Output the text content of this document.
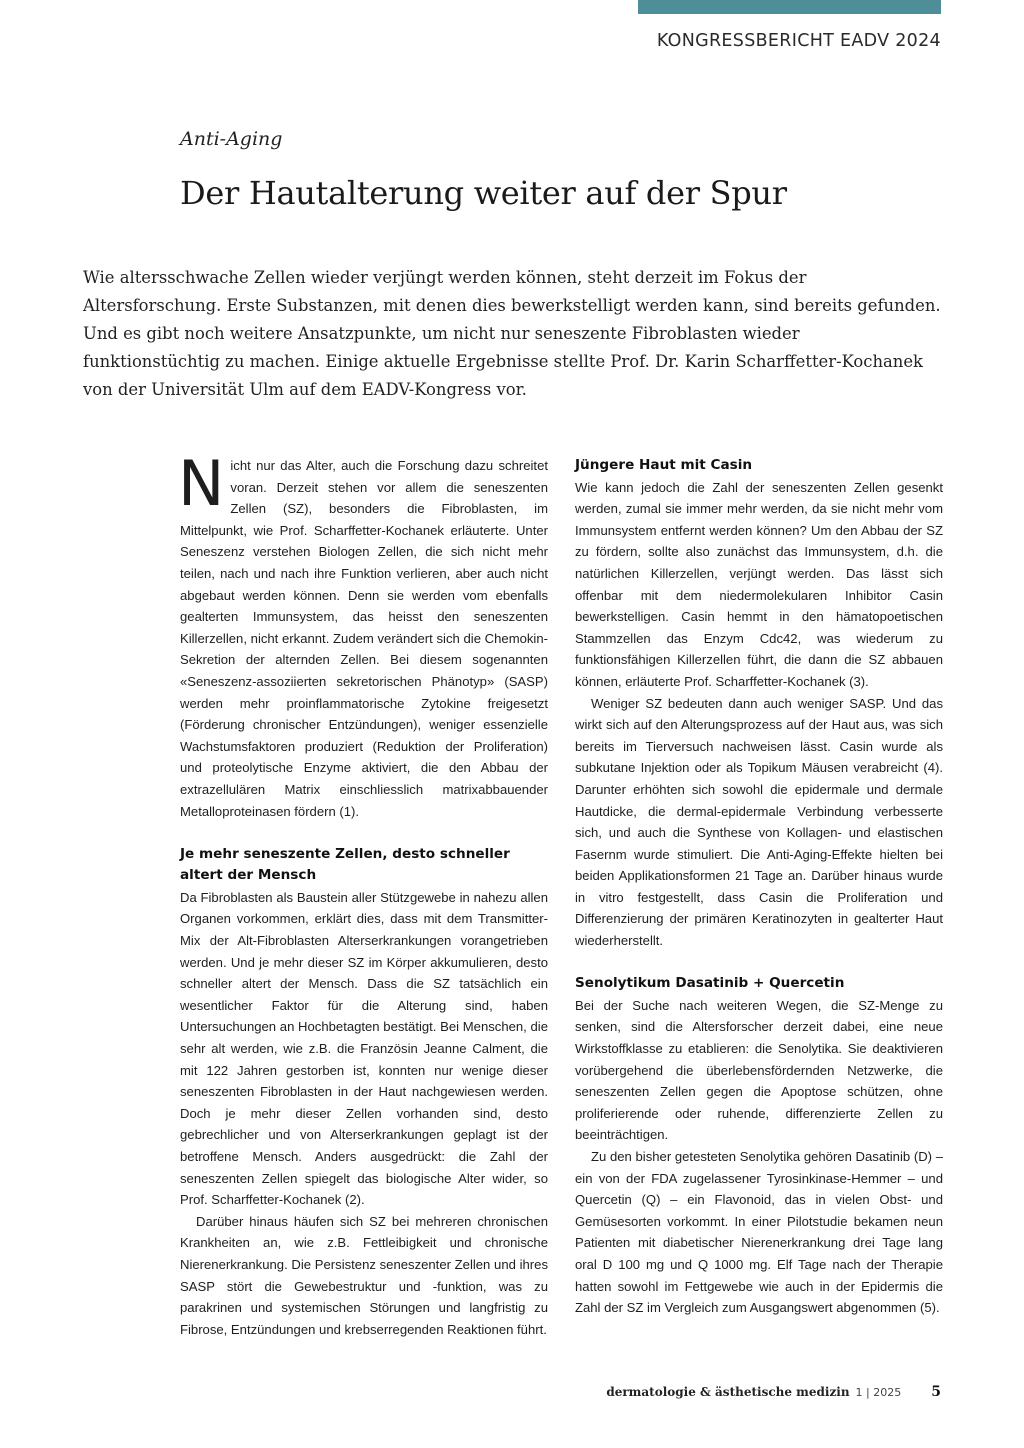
KONGRESSBERICHT EADV 2024
Anti-Aging
Der Hautalterung weiter auf der Spur

Wie altersschwache Zellen wieder verjüngt werden können, steht derzeit im Fokus der Altersforschung. Erste Substanzen, mit denen dies bewerkstelligt werden kann, sind bereits gefunden. Und es gibt noch weitere Ansatzpunkte, um nicht nur seneszente Fibroblasten wieder funktionstüchtig zu machen. Einige aktuelle Ergebnisse stellte Prof. Dr. Karin Scharffetter-Kochanek von der Universität Ulm auf dem EADV-Kongress vor.

Nicht nur das Alter, auch die Forschung dazu schreitet voran. Derzeit stehen vor allem die seneszenten Zellen (SZ), besonders die Fibroblasten, im Mittelpunkt, wie Prof. Scharffetter-Kochanek erläuterte. Unter Seneszenz verstehen Biologen Zellen, die sich nicht mehr teilen, nach und nach ihre Funktion verlieren, aber auch nicht abgebaut werden können. Denn sie werden vom ebenfalls gealterten Immunsystem, das heisst den seneszenten Killerzellen, nicht erkannt. Zudem verändert sich die Chemokin-Sekretion der alternden Zellen. Bei diesem sogenannten «Seneszenz-assoziierten sekretorischen Phänotyp» (SASP) werden mehr proinflammatorische Zytokine freigesetzt (Förderung chronischer Entzündungen), weniger essenzielle Wachstumsfaktoren produziert (Reduktion der Proliferation) und proteolytische Enzyme aktiviert, die den Abbau der extrazellulären Matrix einschliesslich matrixabbauender Metalloproteinasen fördern (1).

Je mehr seneszente Zellen, desto schneller altert der Mensch

Da Fibroblasten als Baustein aller Stützgewebe in nahezu allen Organen vorkommen, erklärt dies, dass mit dem Transmitter-Mix der Alt-Fibroblasten Alterserkrankungen vorangetrieben werden. Und je mehr dieser SZ im Körper akkumulieren, desto schneller altert der Mensch. Dass die SZ tatsächlich ein wesentlicher Faktor für die Alterung sind, haben Untersuchungen an Hochbetagten bestätigt. Bei Menschen, die sehr alt werden, wie z.B. die Französin Jeanne Calment, die mit 122 Jahren gestorben ist, konnten nur wenige dieser seneszenten Fibroblasten in der Haut nachgewiesen werden. Doch je mehr dieser Zellen vorhanden sind, desto gebrechlicher und von Alterserkrankungen geplagt ist der betroffene Mensch. Anders ausgedrückt: die Zahl der seneszenten Zellen spiegelt das biologische Alter wider, so Prof. Scharffetter-Kochanek (2).

Darüber hinaus häufen sich SZ bei mehreren chronischen Krankheiten an, wie z.B. Fettleibigkeit und chronische Nierenerkrankung. Die Persistenz seneszenter Zellen und ihres SASP stört die Gewebestruktur und -funktion, was zu parakrinen und systemischen Störungen und langfristig zu Fibrose, Entzündungen und krebserregenden Reaktionen führt.

Jüngere Haut mit Casin

Wie kann jedoch die Zahl der seneszenten Zellen gesenkt werden, zumal sie immer mehr werden, da sie nicht mehr vom Immunsystem entfernt werden können? Um den Abbau der SZ zu fördern, sollte also zunächst das Immunsystem, d.h. die natürlichen Killerzellen, verjüngt werden. Das lässt sich offenbar mit dem niedermolekularen Inhibitor Casin bewerkstelligen. Casin hemmt in den hämatopoetischen Stammzellen das Enzym Cdc42, was wiederum zu funktionsfähigen Killerzellen führt, die dann die SZ abbauen können, erläuterte Prof. Scharffetter-Kochanek (3).

Weniger SZ bedeuten dann auch weniger SASP. Und das wirkt sich auf den Alterungsprozess auf der Haut aus, was sich bereits im Tierversuch nachweisen lässt. Casin wurde als subkutane Injektion oder als Topikum Mäusen verabreicht (4). Darunter erhöhten sich sowohl die epidermale und dermale Hautdicke, die dermal-epidermale Verbindung verbesserte sich, und auch die Synthese von Kollagen- und elastischen Fasernm wurde stimuliert. Die Anti-Aging-Effekte hielten bei beiden Applikationsformen 21 Tage an. Darüber hinaus wurde in vitro festgestellt, dass Casin die Proliferation und Differenzierung der primären Keratinozyten in gealterter Haut wiederherstellt.

Senolytikum Dasatinib + Quercetin

Bei der Suche nach weiteren Wegen, die SZ-Menge zu senken, sind die Altersforscher derzeit dabei, eine neue Wirkstoffklasse zu etablieren: die Senolytika. Sie deaktivieren vorübergehend die überlebensfördernden Netzwerke, die seneszenten Zellen gegen die Apoptose schützen, ohne proliferierende oder ruhende, differenzierte Zellen zu beeinträchtigen.

Zu den bisher getesteten Senolytika gehören Dasatinib (D) – ein von der FDA zugelassener Tyrosinkinase-Hemmer – und Quercetin (Q) – ein Flavonoid, das in vielen Obst- und Gemüsesorten vorkommt. In einer Pilotstudie bekamen neun Patienten mit diabetischer Nierenerkrankung drei Tage lang oral D 100 mg und Q 1000 mg. Elf Tage nach der Therapie hatten sowohl im Fettgewebe wie auch in der Epidermis die Zahl der SZ im Vergleich zum Ausgangswert abgenommen (5).

dermatologie & ästhetische medizin 1 | 2025 5
